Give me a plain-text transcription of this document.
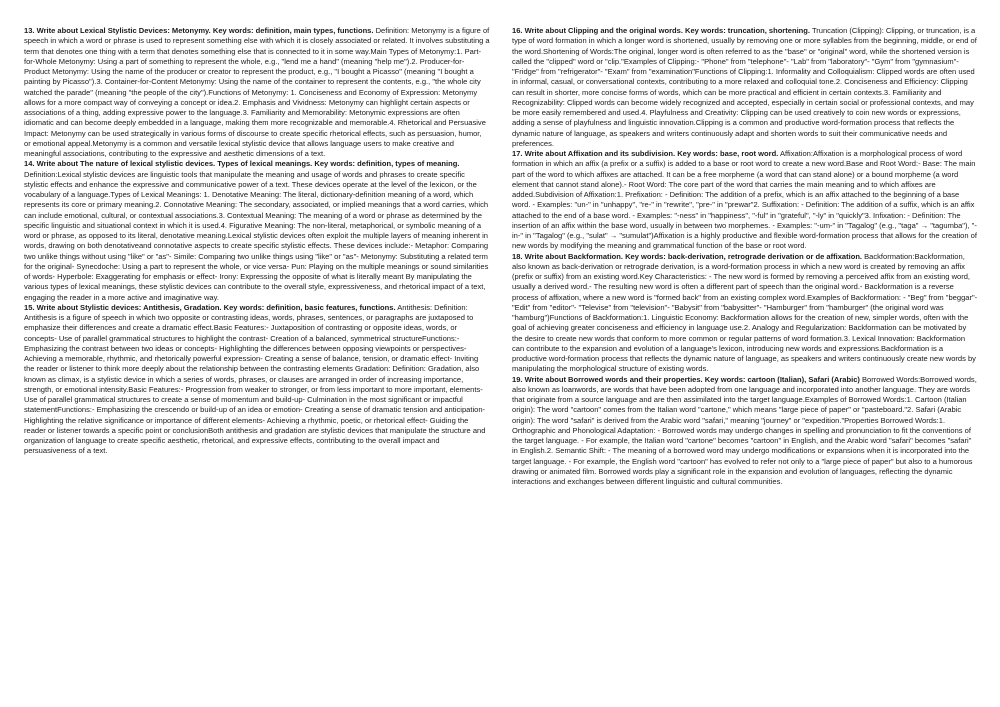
13. Write about Lexical Stylistic Devices: Metonymy. Key words: definition, main types, functions. Definition: Metonymy is a figure of speech in which a word or phrase is used to represent something else with which it is closely associated or related. It involves substituting a term that denotes one thing with a term that denotes something else that is connected to it in some way.Main Types of Metonymy:1. Part-for-Whole Metonymy: Using a part of something to represent the whole, e.g., "lend me a hand" (meaning "help me").2. Producer-for-Product Metonymy: Using the name of the producer or creator to represent the product, e.g., "I bought a Picasso" (meaning "I bought a painting by Picasso").3. Container-for-Content Metonymy: Using the name of the container to represent the contents, e.g., "the whole city watched the parade" (meaning "the people of the city").Functions of Metonymy: 1. Conciseness and Economy of Expression: Metonymy allows for a more compact way of conveying a concept or idea.2. Emphasis and Vividness: Metonymy can highlight certain aspects or associations of a thing, adding expressive power to the language.3. Familiarity and Memorability: Metonymic expressions are often idiomatic and can become deeply embedded in a language, making them more recognizable and memorable.4. Rhetorical and Persuasive Impact: Metonymy can be used strategically in various forms of discourse to create specific rhetorical effects, such as persuasion, humor, or emotional appeal.Metonymy is a common and versatile lexical stylistic device that allows language users to make creative and meaningful associations, contributing to the expressive and aesthetic dimensions of a text.

14. Write about The nature of lexical stylistic devices. Types of lexical meanings. Key words: definition, types of meaning. Definition:Lexical stylistic devices are linguistic tools that manipulate the meaning and usage of words and phrases to create specific stylistic effects and enhance the expressive and communicative power of a text. These devices operate at the level of the lexicon, or the vocabulary of a language.Types of Lexical Meanings: 1. Denotative Meaning: The literal, dictionary-definition meaning of a word, which represents its core or primary meaning.2. Connotative Meaning: The secondary, associated, or implied meanings that a word carries, which can include emotional, cultural, or contextual associations.3. Contextual Meaning: The meaning of a word or phrase as determined by the specific linguistic and situational context in which it is used.4. Figurative Meaning: The non-literal, metaphorical, or symbolic meaning of a word or phrase, as opposed to its literal, denotative meaning.Lexical stylistic devices often exploit the multiple layers of meaning inherent in words, drawing on both denotativeand connotative aspects to create specific stylistic effects. These devices include:- Metaphor: Comparing two unlike things without using "like" or "as"- Simile: Comparing two unlike things using "like" or "as"- Metonymy: Substituting a related term for the original- Synecdoche: Using a part to represent the whole, or vice versa- Pun: Playing on the multiple meanings or sound similarities of words- Hyperbole: Exaggerating for emphasis or effect- Irony: Expressing the opposite of what is literally meant By manipulating the various types of lexical meanings, these stylistic devices can contribute to the overall style, expressiveness, and rhetorical impact of a text, engaging the reader in a more active and imaginative way.

15. Write about Stylistic devices: Antithesis, Gradation. Key words: definition, basic features, functions. Antithesis: Definition: Antithesis is a figure of speech in which two opposite or contrasting ideas, words, phrases, sentences, or paragraphs are juxtaposed to emphasize their differences and create a dramatic effect.Basic Features:- Juxtaposition of contrasting or opposite ideas, words, or concepts- Use of parallel grammatical structures to highlight the contrast- Creation of a balanced, symmetrical structureFunctions:- Emphasizing the contrast between two ideas or concepts- Highlighting the differences between opposing viewpoints or perspectives- Achieving a memorable, rhythmic, and rhetorically powerful expression- Creating a sense of balance, tension, or dramatic effect- Inviting the reader or listener to think more deeply about the relationship between the contrasting elements Gradation: Definition: Gradation, also known as climax, is a stylistic device in which a series of words, phrases, or clauses are arranged in order of increasing importance, strength, or emotional intensity.Basic Features:- Progression from weaker to stronger, or from less important to more important, elements- Use of parallel grammatical structures to create a sense of momentum and build-up- Culmination in the most significant or impactful statementFunctions:- Emphasizing the crescendo or build-up of an idea or emotion- Creating a sense of dramatic tension and anticipation- Highlighting the relative significance or importance of different elements- Achieving a rhythmic, poetic, or rhetorical effect- Guiding the reader or listener towards a specific point or conclusionBoth antithesis and gradation are stylistic devices that manipulate the structure and organization of language to create specific aesthetic, rhetorical, and expressive effects, contributing to the overall impact and persuasiveness of a text.

16. Write about Clipping and the original words. Key words: truncation, shortening. Truncation (Clipping): Clipping, or truncation, is a type of word formation in which a longer word is shortened, usually by removing one or more syllables from the beginning, middle, or end of the word.Shortening of Words:The original, longer word is often referred to as the "base" or "original" word, while the shortened version is called the "clipped" word or "clip."Examples of Clipping:- "Phone" from "telephone"- "Lab" from "laboratory"- "Gym" from "gymnasium"- "Fridge" from "refrigerator"- "Exam" from "examination"Functions of Clipping:1. Informality and Colloquialism: Clipped words are often used in informal, casual, or conversational contexts, contributing to a more relaxed and colloquial tone.2. Conciseness and Efficiency: Clipping can result in shorter, more concise forms of words, which can be more practical and efficient in certain contexts.3. Familiarity and Recognizability: Clipped words can become widely recognized and accepted, especially in certain social or professional contexts, and may be more easily remembered and used.4. Playfulness and Creativity: Clipping can be used creatively to coin new words or expressions, adding a sense of playfulness and linguistic innovation.Clipping is a common and productive word-formation process that reflects the dynamic nature of language, as speakers and writers continuously adapt and shorten words to suit their communicative needs and preferences.

17. Write about Affixation and its subdivision. Key words: base, root word. Affixation:Affixation is a morphological process of word formation in which an affix (a prefix or a suffix) is added to a base or root word to create a new word.Base and Root Word:- Base: The main part of the word to which affixes are attached. It can be a free morpheme (a word that can stand alone) or a bound morpheme (a word element that cannot stand alone).- Root Word: The core part of the word that carries the main meaning and to which affixes are added.Subdivision of Affixation:1. Prefixation: - Definition: The addition of a prefix, which is an affix attached to the beginning of a base word. - Examples: "un-" in "unhappy", "re-" in "rewrite", "pre-" in "prewar"2. Suffixation: - Definition: The addition of a suffix, which is an affix attached to the end of a base word. - Examples: "-ness" in "happiness", "-ful" in "grateful", "-ly" in "quickly"3. Infixation: - Definition: The insertion of an affix within the base word, usually in between two morphemes. - Examples: "-um-" in "Tagalog" (e.g., "taga" → "tagumba"), "-in-" in "Tagalog" (e.g., "sulat" → "sumulat")Affixation is a highly productive and flexible word-formation process that allows for the creation of new words by modifying the meaning and grammatical function of the base or root word.

18. Write about Backformation. Key words: back-derivation, retrograde derivation or de affixation. Backformation:Backformation, also known as back-derivation or retrograde derivation, is a word-formation process in which a new word is created by removing an affix (prefix or suffix) from an existing word.Key Characteristics: - The new word is formed by removing a perceived affix from an existing word, usually a derived word.- The resulting new word is often a different part of speech than the original word.- Backformation is a reverse process of affixation, where a new word is "formed back" from an existing complex word.Examples of Backformation: - "Beg" from "beggar"- "Edit" from "editor"- "Televise" from "television"- "Babysit" from "babysitter"- "Hamburger" from "hamburger" (the original word was "hamburg")Functions of Backformation:1. Linguistic Economy: Backformation allows for the creation of new, simpler words, often with the goal of achieving greater conciseness and efficiency in language use.2. Analogy and Regularization: Backformation can be motivated by the desire to create new words that conform to more common or regular patterns of word formation.3. Lexical Innovation: Backformation can contribute to the expansion and evolution of a language's lexicon, introducing new words and expressions.Backformation is a productive word-formation process that reflects the dynamic nature of language, as speakers and writers continuously create new words by manipulating the morphological structure of existing words.

19. Write about Borrowed words and their properties. Key words: cartoon (Italian), Safari (Arabic) Borrowed Words:Borrowed words, also known as loanwords, are words that have been adopted from one language and incorporated into another language. They are words that originate from a source language and are then assimilated into the target language.Examples of Borrowed Words:1. Cartoon (Italian origin): The word "cartoon" comes from the Italian word "cartone," which means "large piece of paper" or "pasteboard."2. Safari (Arabic origin): The word "safari" is derived from the Arabic word "safari," meaning "journey" or "expedition."Properties Borrowed Words:1. Orthographic and Phonological Adaptation: - Borrowed words may undergo changes in spelling and pronunciation to fit the conventions of the target language. - For example, the Italian word "cartone" becomes "cartoon" in English, and the Arabic word "safari" becomes "safari" in English.2. Semantic Shift: - The meaning of a borrowed word may undergo modifications or expansions when it is incorporated into the target language. - For example, the English word "cartoon" has evolved to refer not only to a "large piece of paper" but also to a humorous drawing or animated film. Borrowed words play a significant role in the expansion and evolution of languages, reflecting the dynamic interactions and exchanges between different linguistic and cultural communities.
